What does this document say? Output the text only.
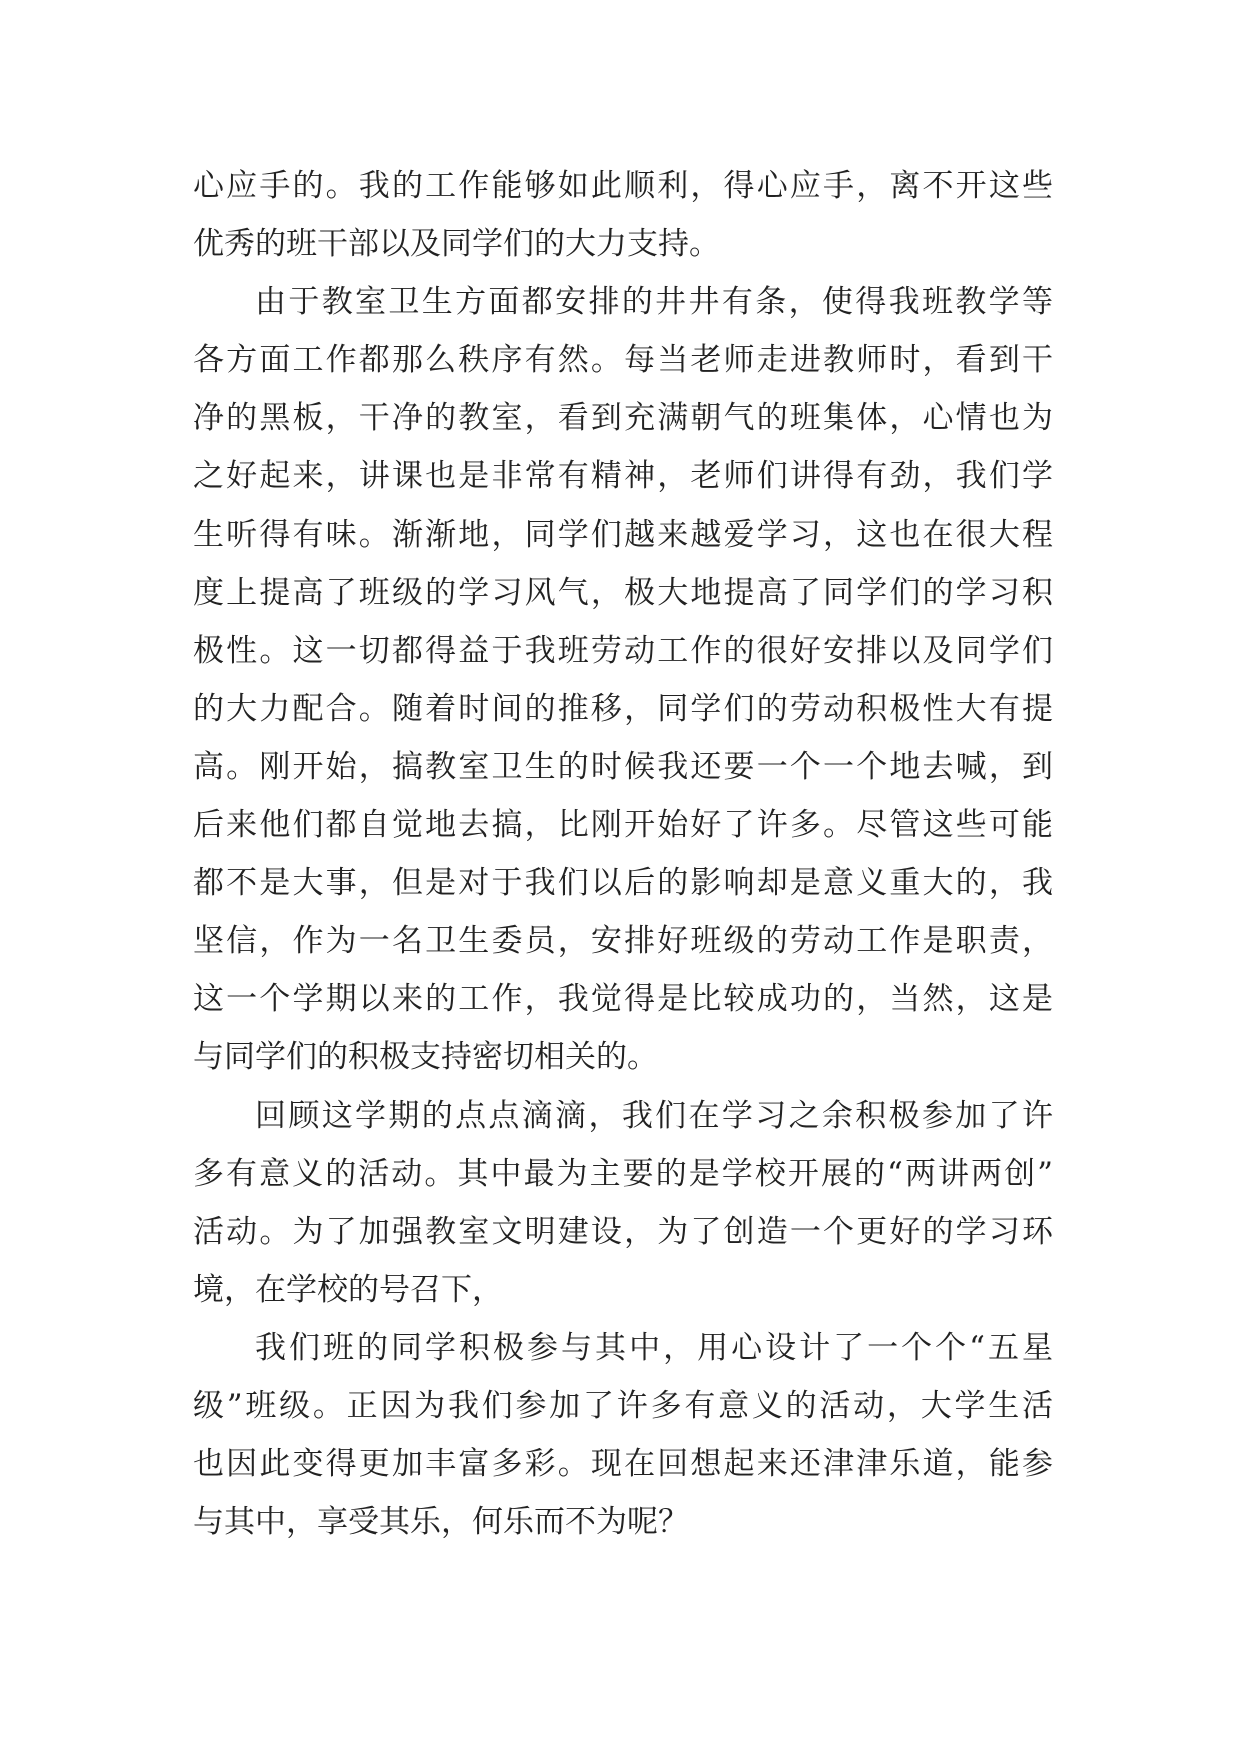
心应手的。我的工作能够如此顺利，得心应手，离不开这些
优秀的班干部以及同学们的大力支持。
由于教室卫生方面都安排的井井有条，使得我班教学等
各方面工作都那么秩序有然。每当老师走进教师时，看到干
净的黑板，干净的教室，看到充满朝气的班集体，心情也为
之好起来，讲课也是非常有精神，老师们讲得有劲，我们学
生听得有味。渐渐地，同学们越来越爱学习，这也在很大程
度上提高了班级的学习风气，极大地提高了同学们的学习积
极性。这一切都得益于我班劳动工作的很好安排以及同学们
的大力配合。随着时间的推移，同学们的劳动积极性大有提
高。刚开始，搞教室卫生的时候我还要一个一个地去喊，到
后来他们都自觉地去搞，比刚开始好了许多。尽管这些可能
都不是大事，但是对于我们以后的影响却是意义重大的，我
坚信，作为一名卫生委员，安排好班级的劳动工作是职责，
这一个学期以来的工作，我觉得是比较成功的，当然，这是
与同学们的积极支持密切相关的。
回顾这学期的点点滴滴，我们在学习之余积极参加了许
多有意义的活动。其中最为主要的是学校开展的“两讲两创”
活动。为了加强教室文明建设，为了创造一个更好的学习环
境，在学校的号召下，
我们班的同学积极参与其中，用心设计了一个个“五星
级”班级。正因为我们参加了许多有意义的活动，大学生活
也因此变得更加丰富多彩。现在回想起来还津津乐道，能参
与其中，享受其乐，何乐而不为呢？
